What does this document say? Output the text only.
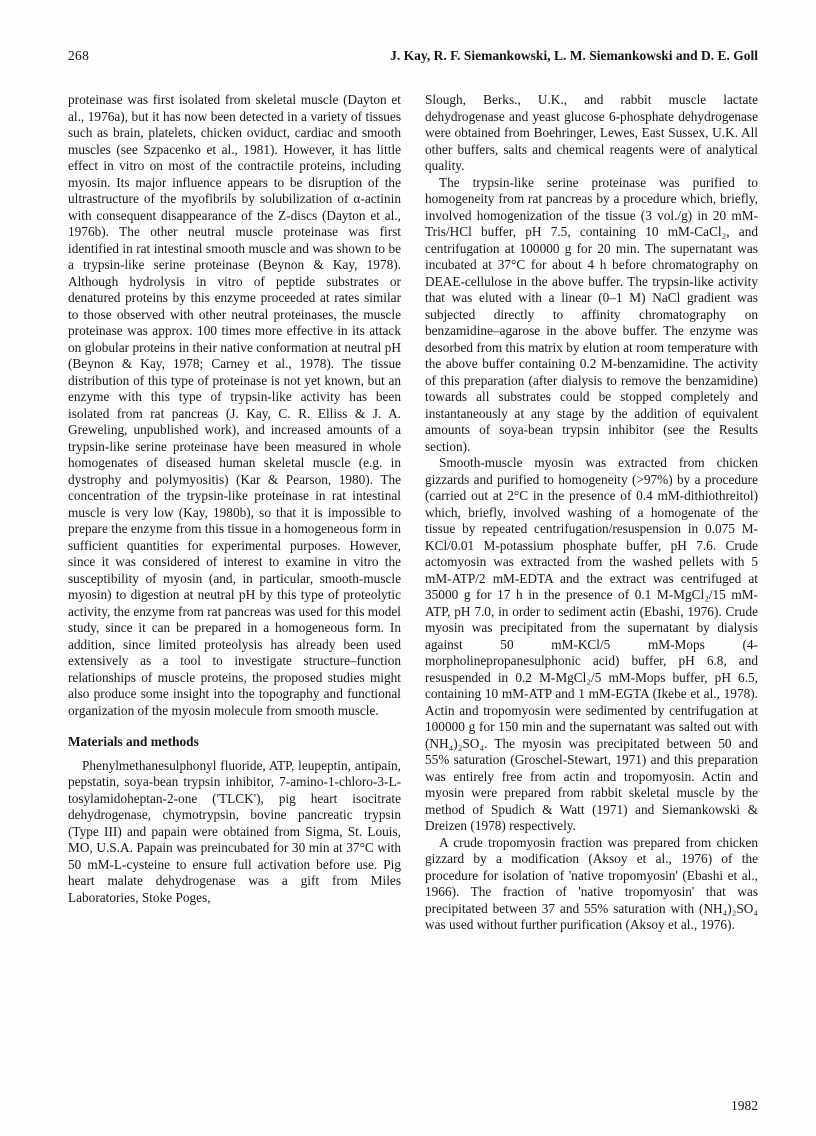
268	J. Kay, R. F. Siemankowski, L. M. Siemankowski and D. E. Goll

proteinase was first isolated from skeletal muscle (Dayton et al., 1976a), but it has now been detected in a variety of tissues such as brain, platelets, chicken oviduct, cardiac and smooth muscles (see Szpacenko et al., 1981). However, it has little effect in vitro on most of the contractile proteins, including myosin. Its major influence appears to be disruption of the ultrastructure of the myofibrils by solubilization of α-actinin with consequent disappearance of the Z-discs (Dayton et al., 1976b). The other neutral muscle proteinase was first identified in rat intestinal smooth muscle and was shown to be a trypsin-like serine proteinase (Beynon & Kay, 1978). Although hydrolysis in vitro of peptide substrates or denatured proteins by this enzyme proceeded at rates similar to those observed with other neutral proteinases, the muscle proteinase was approx. 100 times more effective in its attack on globular proteins in their native conformation at neutral pH (Beynon & Kay, 1978; Carney et al., 1978). The tissue distribution of this type of proteinase is not yet known, but an enzyme with this type of trypsin-like activity has been isolated from rat pancreas (J. Kay, C. R. Elliss & J. A. Greweling, unpublished work), and increased amounts of a trypsin-like serine proteinase have been measured in whole homogenates of diseased human skeletal muscle (e.g. in dystrophy and polymyositis) (Kar & Pearson, 1980). The concentration of the trypsin-like proteinase in rat intestinal muscle is very low (Kay, 1980b), so that it is impossible to prepare the enzyme from this tissue in a homogeneous form in sufficient quantities for experimental purposes. However, since it was considered of interest to examine in vitro the susceptibility of myosin (and, in particular, smooth-muscle myosin) to digestion at neutral pH by this type of proteolytic activity, the enzyme from rat pancreas was used for this model study, since it can be prepared in a homogeneous form. In addition, since limited proteolysis has already been used extensively as a tool to investigate structure–function relationships of muscle proteins, the proposed studies might also produce some insight into the topography and functional organization of the myosin molecule from smooth muscle.

Materials and methods

Phenylmethanesulphonyl fluoride, ATP, leupeptin, antipain, pepstatin, soya-bean trypsin inhibitor, 7-amino-1-chloro-3-L-tosylamidoheptan-2-one ('TLCK'), pig heart isocitrate dehydrogenase, chymotrypsin, bovine pancreatic trypsin (Type III) and papain were obtained from Sigma, St. Louis, MO, U.S.A. Papain was preincubated for 30 min at 37°C with 50 mM-L-cysteine to ensure full activation before use. Pig heart malate dehydrogenase was a gift from Miles Laboratories, Stoke Poges,

Slough, Berks., U.K., and rabbit muscle lactate dehydrogenase and yeast glucose 6-phosphate dehydrogenase were obtained from Boehringer, Lewes, East Sussex, U.K. All other buffers, salts and chemical reagents were of analytical quality.

The trypsin-like serine proteinase was purified to homogeneity from rat pancreas by a procedure which, briefly, involved homogenization of the tissue (3 vol./g) in 20 mM-Tris/HCl buffer, pH 7.5, containing 10 mM-CaCl₂, and centrifugation at 100000 g for 20 min. The supernatant was incubated at 37°C for about 4 h before chromatography on DEAE-cellulose in the above buffer. The trypsin-like activity that was eluted with a linear (0–1 M) NaCl gradient was subjected directly to affinity chromatography on benzamidine–agarose in the above buffer. The enzyme was desorbed from this matrix by elution at room temperature with the above buffer containing 0.2 M-benzamidine. The activity of this preparation (after dialysis to remove the benzamidine) towards all substrates could be stopped completely and instantaneously at any stage by the addition of equivalent amounts of soya-bean trypsin inhibitor (see the Results section).

Smooth-muscle myosin was extracted from chicken gizzards and purified to homogeneity (>97%) by a procedure (carried out at 2°C in the presence of 0.4 mM-dithiothreitol) which, briefly, involved washing of a homogenate of the tissue by repeated centrifugation/resuspension in 0.075 M-KCl/0.01 M-potassium phosphate buffer, pH 7.6. Crude actomyosin was extracted from the washed pellets with 5 mM-ATP/2 mM-EDTA and the extract was centrifuged at 35000 g for 17 h in the presence of 0.1 M-MgCl₂/15 mM-ATP, pH 7.0, in order to sediment actin (Ebashi, 1976). Crude myosin was precipitated from the supernatant by dialysis against 50 mM-KCl/5 mM-Mops (4-morpholinepropanesulphonic acid) buffer, pH 6.8, and resuspended in 0.2 M-MgCl₂/5 mM-Mops buffer, pH 6.5, containing 10 mM-ATP and 1 mM-EGTA (Ikebe et al., 1978). Actin and tropomyosin were sedimented by centrifugation at 100000 g for 150 min and the supernatant was salted out with (NH₄)₂SO₄. The myosin was precipitated between 50 and 55% saturation (Groschel-Stewart, 1971) and this preparation was entirely free from actin and tropomyosin. Actin and myosin were prepared from rabbit skeletal muscle by the method of Spudich & Watt (1971) and Siemankowski & Dreizen (1978) respectively.

A crude tropomyosin fraction was prepared from chicken gizzard by a modification (Aksoy et al., 1976) of the procedure for isolation of 'native tropomyosin' (Ebashi et al., 1966). The fraction of 'native tropomyosin' that was precipitated between 37 and 55% saturation with (NH₄)₂SO₄ was used without further purification (Aksoy et al., 1976).

1982
